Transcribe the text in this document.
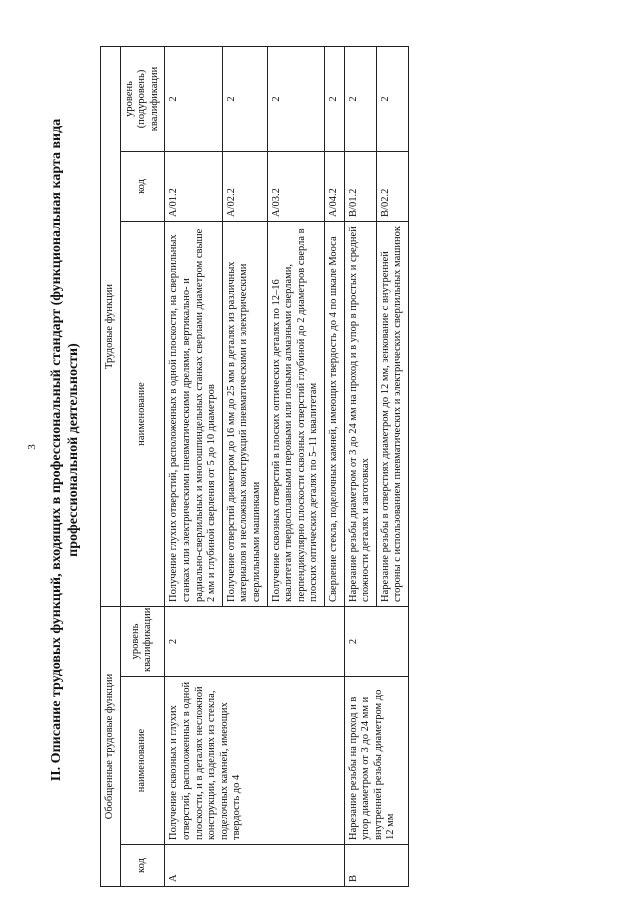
3 II. Описание трудовых функций, входящих в профессиональный стандарт (функциональная карта вида профессиональной деятельности)
Обобщенные трудовые функции			Трудовые функции		
код	наименование	уровень квалификации	наименование	код	уровень (подуровень) квалификации
A	Получение сквозных и глухих отверстий, расположенных в одной плоскости, и в деталях несложной конструкции, изделиях из стекла, поделочных камней, имеющих твердость до 4	2	Получение глухих отверстий, расположенных в одной плоскости, на сверлильных станках или электрическими пневматическими дрелями, вертикально- и радиально-сверлильных и многошпиндельных станках сверлами диаметром свыше 2 мм и глубиной сверления от 5 до 10 диаметров	A/01.2	2
			Получение отверстий диаметром до 16 мм до 25 мм в деталях из различных материалов и несложных конструкций пневматическими и электрическими сверлильными машинками	A/02.2	2
			Получение сквозных отверстий в плоских оптических деталях по 12–16 квалитетам твердосплавными перовыми или полыми алмазными сверлами, перпендикулярно плоскости сквозных отверстий глубиной до 2 диаметров сверла в плоских оптических деталях по 5–11 квалитетам	A/03.2	2
			Сверление стекла, поделочных камней, имеющих твердость до 4 по шкале Мооса	A/04.2	2
B	Нарезание резьбы на проход и в упор диаметром от 3 до 24 мм и внутренней резьбы диаметром до 12 мм	2	Нарезание резьбы диаметром от 3 до 24 мм на проход и в упор в простых и средней сложности деталях и заготовках	B/01.2	2
			Нарезание резьбы в отверстиях диаметром до 12 мм, зенкование с внутренней стороны с использованием пневматических и электрических сверлильных машинок	B/02.2	2
